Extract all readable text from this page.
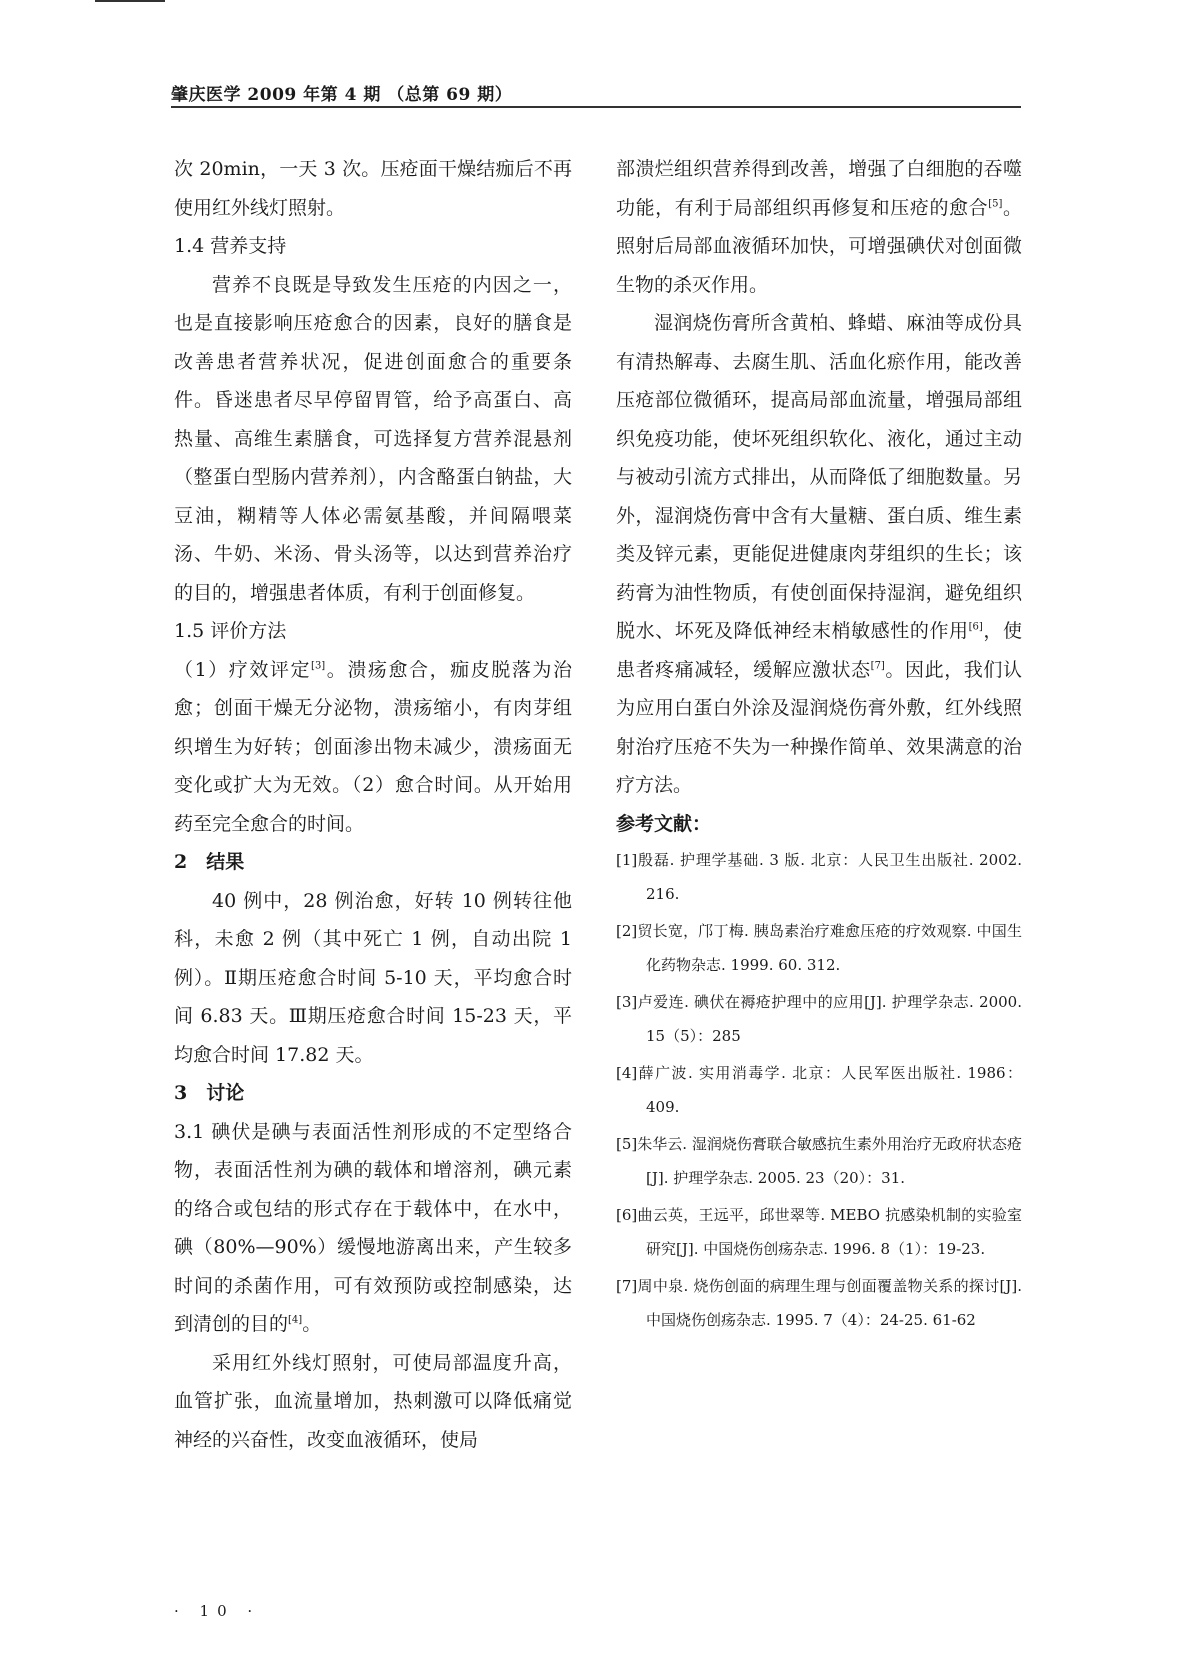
肇庆医学 2009 年第 4 期 （总第 69 期）

次 20min，一天 3 次。压疮面干燥结痂后不再使用红外线灯照射。

1.4 营养支持

营养不良既是导致发生压疮的内因之一，也是直接影响压疮愈合的因素，良好的膳食是改善患者营养状况，促进创面愈合的重要条件。昏迷患者尽早停留胃管，给予高蛋白、高热量、高维生素膳食，可选择复方营养混悬剂（整蛋白型肠内营养剂），内含酪蛋白钠盐，大豆油，糊精等人体必需氨基酸，并间隔喂菜汤、牛奶、米汤、骨头汤等，以达到营养治疗的目的，增强患者体质，有利于创面修复。

1.5 评价方法

（1）疗效评定[3]。溃疡愈合，痂皮脱落为治愈；创面干燥无分泌物，溃疡缩小，有肉芽组织增生为好转；创面渗出物未减少，溃疡面无变化或扩大为无效。（2）愈合时间。从开始用药至完全愈合的时间。

2　结果

40 例中，28 例治愈，好转 10 例转往他科，未愈 2 例（其中死亡 1 例，自动出院 1 例）。Ⅱ期压疮愈合时间 5-10 天，平均愈合时间 6.83 天。Ⅲ期压疮愈合时间 15-23 天，平均愈合时间 17.82 天。

3　讨论

3.1 碘伏是碘与表面活性剂形成的不定型络合物，表面活性剂为碘的载体和增溶剂，碘元素的络合或包结的形式存在于载体中，在水中，碘（80%—90%）缓慢地游离出来，产生较多时间的杀菌作用，可有效预防或控制感染，达到清创的目的[4]。

采用红外线灯照射，可使局部温度升高，血管扩张，血流量增加，热刺激可以降低痛觉神经的兴奋性，改变血液循环，使局

部溃烂组织营养得到改善，增强了白细胞的吞噬功能，有利于局部组织再修复和压疮的愈合[5]。照射后局部血液循环加快，可增强碘伏对创面微生物的杀灭作用。

湿润烧伤膏所含黄柏、蜂蜡、麻油等成份具有清热解毒、去腐生肌、活血化瘀作用，能改善压疮部位微循环，提高局部血流量，增强局部组织免疫功能，使坏死组织软化、液化，通过主动与被动引流方式排出，从而降低了细胞数量。另外，湿润烧伤膏中含有大量糖、蛋白质、维生素类及锌元素，更能促进健康肉芽组织的生长；该药膏为油性物质，有使创面保持湿润，避免组织脱水、坏死及降低神经末梢敏感性的作用[6]，使患者疼痛减轻，缓解应激状态[7]。因此，我们认为应用白蛋白外涂及湿润烧伤膏外敷，红外线照射治疗压疮不失为一种操作简单、效果满意的治疗方法。

参考文献：

[1]殷磊. 护理学基础. 3 版. 北京：人民卫生出版社. 2002. 216.
[2]贸长宽，邝丁梅. 胰岛素治疗难愈压疮的疗效观察. 中国生化药物杂志. 1999. 60. 312.
[3]卢爱连. 碘伏在褥疮护理中的应用[J]. 护理学杂志. 2000. 15（5）：285
[4]薛广波. 实用消毒学. 北京：人民军医出版社. 1986：409.
[5]朱华云. 湿润烧伤膏联合敏感抗生素外用治疗无政府状态疮[J]. 护理学杂志. 2005. 23（20）：31.
[6]曲云英，王远平，邱世翠等. MEBO 抗感染机制的实验室研究[J]. 中国烧伤创疡杂志. 1996. 8（1）：19-23.
[7]周中泉. 烧伤创面的病理生理与创面覆盖物关系的探讨[J]. 中国烧伤创疡杂志. 1995. 7（4）：24-25. 61-62
· 10 ·
